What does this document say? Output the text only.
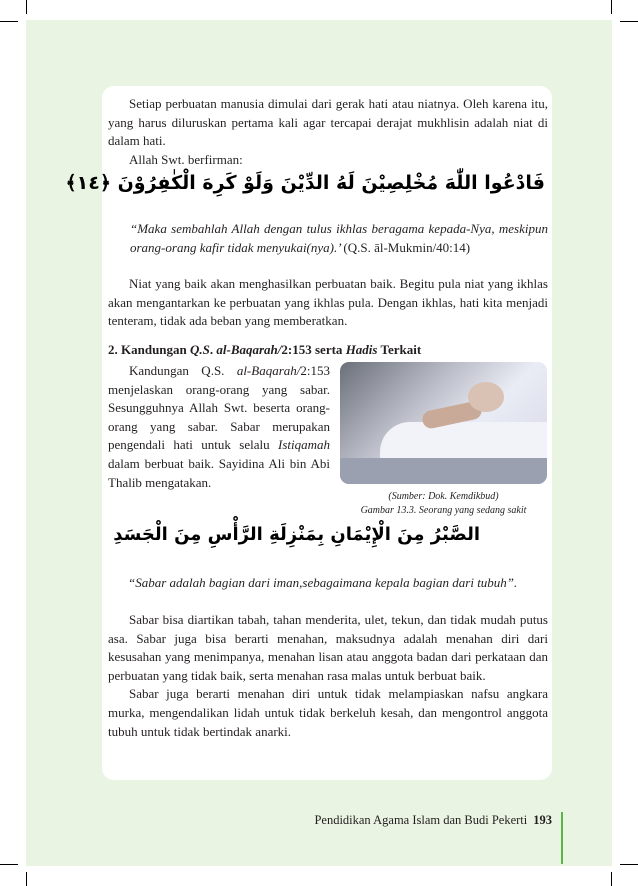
Setiap perbuatan manusia dimulai dari gerak hati atau niatnya. Oleh karena itu, yang harus diluruskan pertama kali agar tercapai derajat mukhlisin adalah niat di dalam hati.

Allah Swt. berfirman:

فَادْعُوا اللّٰهَ مُخْلِصِيْنَ لَهُ الدِّيْنَ وَلَوْ كَرِهَ الْكٰفِرُوْنَ ﴿١٤﴾
“Maka sembahlah Allah dengan tulus ikhlas beragama kepada-Nya, meskipun orang-orang kafir tidak menyukai(nya).’ (Q.S. āl-Mukmin/40:14)

Niat yang baik akan menghasilkan perbuatan baik. Begitu pula niat yang ikhlas akan mengantarkan ke perbuatan yang ikhlas pula. Dengan ikhlas, hati kita menjadi tenteram, tidak ada beban yang memberatkan.

2. Kandungan Q.S. al-Baqarah/2:153 serta Hadis Terkait

Kandungan Q.S. al-Baqarah/2:153 menjelaskan orang-orang yang sabar. Sesungguhnya Allah Swt. beserta orang-orang yang sabar. Sabar merupakan pengendali hati untuk selalu Istiqamah dalam berbuat baik. Sayidina Ali bin Abi Thalib mengatakan.

(Sumber: Dok. Kemdikbud)
Gambar 13.3. Seorang yang sedang sakit
الصَّبْرُ مِنَ الْإِيْمَانِ بِمَنْزِلَةِ الرَّأْسِ مِنَ الْجَسَدِ
“Sabar adalah bagian dari iman,sebagaimana kepala bagian dari tubuh”.

Sabar bisa diartikan tabah, tahan menderita, ulet, tekun, dan tidak mudah putus asa. Sabar juga bisa berarti menahan, maksudnya adalah menahan diri dari kesusahan yang menimpanya, menahan lisan atau anggota badan dari perkataan dan perbuatan yang tidak baik, serta menahan rasa malas untuk berbuat baik.

Sabar juga berarti menahan diri untuk tidak melampiaskan nafsu angkara murka, mengendalikan lidah untuk tidak berkeluh kesah, dan mengontrol anggota tubuh untuk tidak bertindak anarki.

Pendidikan Agama Islam dan Budi Pekerti 193
